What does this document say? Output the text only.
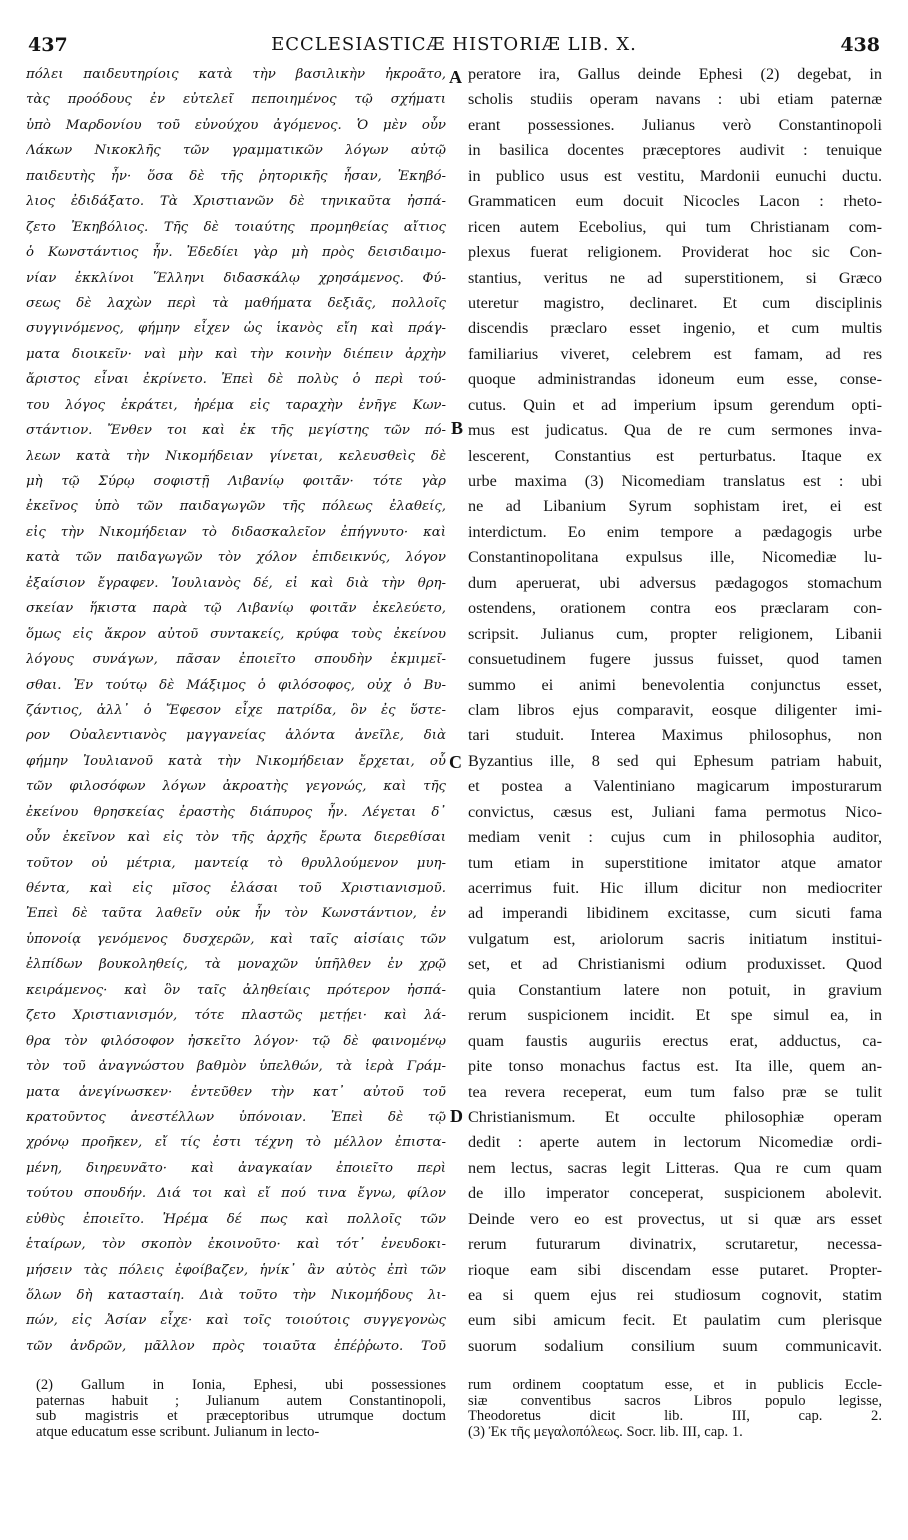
437	ECCLESIASTICÆ HISTORIÆ LIB. X.	438
πόλει παιδευτηρίοις κατὰ τὴν βασιλικὴν ἠκροᾶτο,
τὰς προόδους ἐν εὐτελεῖ πεποιημένος τῷ σχήματι
ὑπὸ Μαρδονίου τοῦ εὐνούχου ἀγόμενος. Ὁ μὲν οὖν
Λάκων Νικοκλῆς τῶν γραμματικῶν λόγων αὐτῷ
παιδευτὴς ἦν· ὅσα δὲ τῆς ῥητορικῆς ἦσαν, Ἐκηβό-
λιος ἐδιδάξατο. Τὰ Χριστιανῶν δὲ τηνικαῦτα ἠσπά-
ζετο Ἐκηβόλιος. Τῆς δὲ τοιαύτης προμηθείας αἴτιος
ὁ Κωνστάντιος ἦν. Ἐδεδίει γὰρ μὴ πρὸς δεισιδαιμο-
νίαν ἐκκλίνοι Ἕλληνι διδασκάλῳ χρησάμενος. Φύ-
σεως δὲ λαχὼν περὶ τὰ μαθήματα δεξιᾶς, πολλοῖς
συγγινόμενος, φήμην εἶχεν ὡς ἱκανὸς εἴη καὶ πράγ-
ματα διοικεῖν· ναὶ μὴν καὶ τὴν κοινὴν διέπειν ἀρχὴν
ἄριστος εἶναι ἐκρίνετο. Ἐπεὶ δὲ πολὺς ὁ περὶ τού-
του λόγος ἐκράτει, ἠρέμα εἰς ταραχὴν ἐνῆγε Κων-
στάντιον. Ἔνθεν τοι καὶ ἐκ τῆς μεγίστης τῶν πό-
λεων κατὰ τὴν Νικομήδειαν γίνεται, κελευσθεὶς δὲ
μὴ τῷ Σύρῳ σοφιστῇ Λιβανίῳ φοιτᾶν· τότε γὰρ
ἐκεῖνος ὑπὸ τῶν παιδαγωγῶν τῆς πόλεως ἐλαθείς,
εἰς τὴν Νικομήδειαν τὸ διδασκαλεῖον ἐπήγνυτο· καὶ
κατὰ τῶν παιδαγωγῶν τὸν χόλον ἐπιδεικνύς, λόγον
ἐξαίσιον ἔγραφεν. Ἰουλιανὸς δέ, εἰ καὶ διὰ τὴν θρη-
σκείαν ἥκιστα παρὰ τῷ Λιβανίῳ φοιτᾶν ἐκελεύετο,
ὅμως εἰς ἄκρον αὐτοῦ συντακείς, κρύφα τοὺς ἐκείνου
λόγους συνάγων, πᾶσαν ἐποιεῖτο σπουδὴν ἐκμιμεῖ-
σθαι. Ἐν τούτῳ δὲ Μάξιμος ὁ φιλόσοφος, οὐχ ὁ Βυ-
ζάντιος, ἀλλ᾽ ὁ Ἔφεσον εἶχε πατρίδα, ὃν ἐς ὕστε-
ρον Οὐαλεντιανὸς μαγγανείας ἁλόντα ἀνεῖλε, διὰ
φήμην Ἰουλιανοῦ κατὰ τὴν Νικομήδειαν ἔρχεται, οὗ
τῶν φιλοσόφων λόγων ἀκροατὴς γεγονώς, καὶ τῆς
ἐκείνου θρησκείας ἐραστὴς διάπυρος ἦν. Λέγεται δ᾽
οὖν ἐκεῖνον καὶ εἰς τὸν τῆς ἀρχῆς ἔρωτα διερεθίσαι
τοῦτον οὐ μέτρια, μαντείᾳ τὸ θρυλλούμενον μυη-
θέντα, καὶ εἰς μῖσος ἐλάσαι τοῦ Χριστιανισμοῦ.
Ἐπεὶ δὲ ταῦτα λαθεῖν οὐκ ἦν τὸν Κωνστάντιον, ἐν
ὑπονοίᾳ γενόμενος δυσχερῶν, καὶ ταῖς αἰσίαις τῶν
ἐλπίδων βουκοληθείς, τὰ μοναχῶν ὑπῆλθεν ἐν χρῷ
κειράμενος· καὶ ὃν ταῖς ἀληθείαις πρότερον ἠσπά-
ζετο Χριστιανισμόν, τότε πλαστῶς μετῄει· καὶ λά-
θρα τὸν φιλόσοφον ἠσκεῖτο λόγον· τῷ δὲ φαινομένῳ
τὸν τοῦ ἀναγνώστου βαθμὸν ὑπελθών, τὰ ἱερὰ Γράμ-
ματα ἀνεγίνωσκεν· ἐντεῦθεν τὴν κατ᾽ αὐτοῦ τοῦ
κρατοῦντος ἀνεστέλλων ὑπόνοιαν. Ἐπεὶ δὲ τῷ
χρόνῳ προῆκεν, εἴ τίς ἐστι τέχνη τὸ μέλλον ἐπιστα-
μένη, διηρευνᾶτο· καὶ ἀναγκαίαν ἐποιεῖτο περὶ
τούτου σπουδήν. Διά τοι καὶ εἴ πού τινα ἔγνω, φίλον
εὐθὺς ἐποιεῖτο. Ἠρέμα δέ πως καὶ πολλοῖς τῶν
ἑταίρων, τὸν σκοπὸν ἐκοινοῦτο· καὶ τότ᾽ ἐνευδοκι-
μήσειν τὰς πόλεις ἐφοίβαζεν, ἡνίκ᾽ ἂν αὐτὸς ἐπὶ τῶν
ὅλων δὴ κατασταίη. Διὰ τοῦτο τὴν Νικομήδους λι-
πών, εἰς Ἀσίαν εἶχε· καὶ τοῖς τοιούτοις συγγεγονὼς
τῶν ἀνδρῶν, μᾶλλον πρὸς τοιαῦτα ἐπέῤῥωτο. Τοῦ
A
B
C
D
peratore ira, Gallus deinde Ephesi (2) degebat, in
scholis studiis operam navans : ubi etiam paternæ
erant possessiones. Julianus verò Constantinopoli
in basilica docentes præceptores audivit : tenuique
in publico usus est vestitu, Mardonii eunuchi ductu.
Grammaticen eum docuit Nicocles Lacon : rheto-
ricen autem Ecebolius, qui tum Christianam com-
plexus fuerat religionem. Providerat hoc sic Con-
stantius, veritus ne ad superstitionem, si Græco
uteretur magistro, declinaret. Et cum disciplinis
discendis præclaro esset ingenio, et cum multis
familiarius viveret, celebrem est famam, ad res
quoque administrandas idoneum eum esse, conse-
cutus. Quin et ad imperium ipsum gerendum opti-
mus est judicatus. Qua de re cum sermones inva-
lescerent, Constantius est perturbatus. Itaque ex
urbe maxima (3) Nicomediam translatus est : ubi
ne ad Libanium Syrum sophistam iret, ei est
interdictum. Eo enim tempore a pædagogis urbe
Constantinopolitana expulsus ille, Nicomediæ lu-
dum aperuerat, ubi adversus pædagogos stomachum
ostendens, orationem contra eos præclaram con-
scripsit. Julianus cum, propter religionem, Libanii
consuetudinem fugere jussus fuisset, quod tamen
summo ei animi benevolentia conjunctus esset,
clam libros ejus comparavit, eosque diligenter imi-
tari studuit. Interea Maximus philosophus, non
Byzantius ille, 8 sed qui Ephesum patriam habuit,
et postea a Valentiniano magicarum imposturarum
convictus, cæsus est, Juliani fama permotus Nico-
mediam venit : cujus cum in philosophia auditor,
tum etiam in superstitione imitator atque amator
acerrimus fuit. Hic illum dicitur non mediocriter
ad imperandi libidinem excitasse, cum sicuti fama
vulgatum est, ariolorum sacris initiatum institui-
set, et ad Christianismi odium produxisset. Quod
quia Constantium latere non potuit, in gravium
rerum suspicionem incidit. Et spe simul ea, in
quam faustis auguriis erectus erat, adductus, ca-
pite tonso monachus factus est. Ita ille, quem an-
tea revera receperat, eum tum falso præ se tulit
Christianismum. Et occulte philosophiæ operam
dedit : aperte autem in lectorum Nicomediæ ordi-
nem lectus, sacras legit Litteras. Qua re cum quam
de illo imperator conceperat, suspicionem abolevit.
Deinde vero eo est provectus, ut si quæ ars esset
rerum futurarum divinatrix, scrutaretur, necessa-
rioque eam sibi discendam esse putaret. Propter-
ea si quem ejus rei studiosum cognovit, statim
eum sibi amicum fecit. Et paulatim cum plerisque
suorum sodalium consilium suum communicavit.
(2) Gallum in Ionia, Ephesi, ubi possessiones
paternas habuit ; Julianum autem Constantinopoli,
sub magistris et præceptoribus utrumque doctum
atque educatum esse scribunt. Julianum in lecto-
rum ordinem cooptatum esse, et in publicis Eccle-
siæ conventibus sacros Libros populo legisse,
Theodoretus dicit lib. III, cap. 2.
(3) Ἐκ τῆς μεγαλοπόλεως. Socr. lib. III, cap. 1.
